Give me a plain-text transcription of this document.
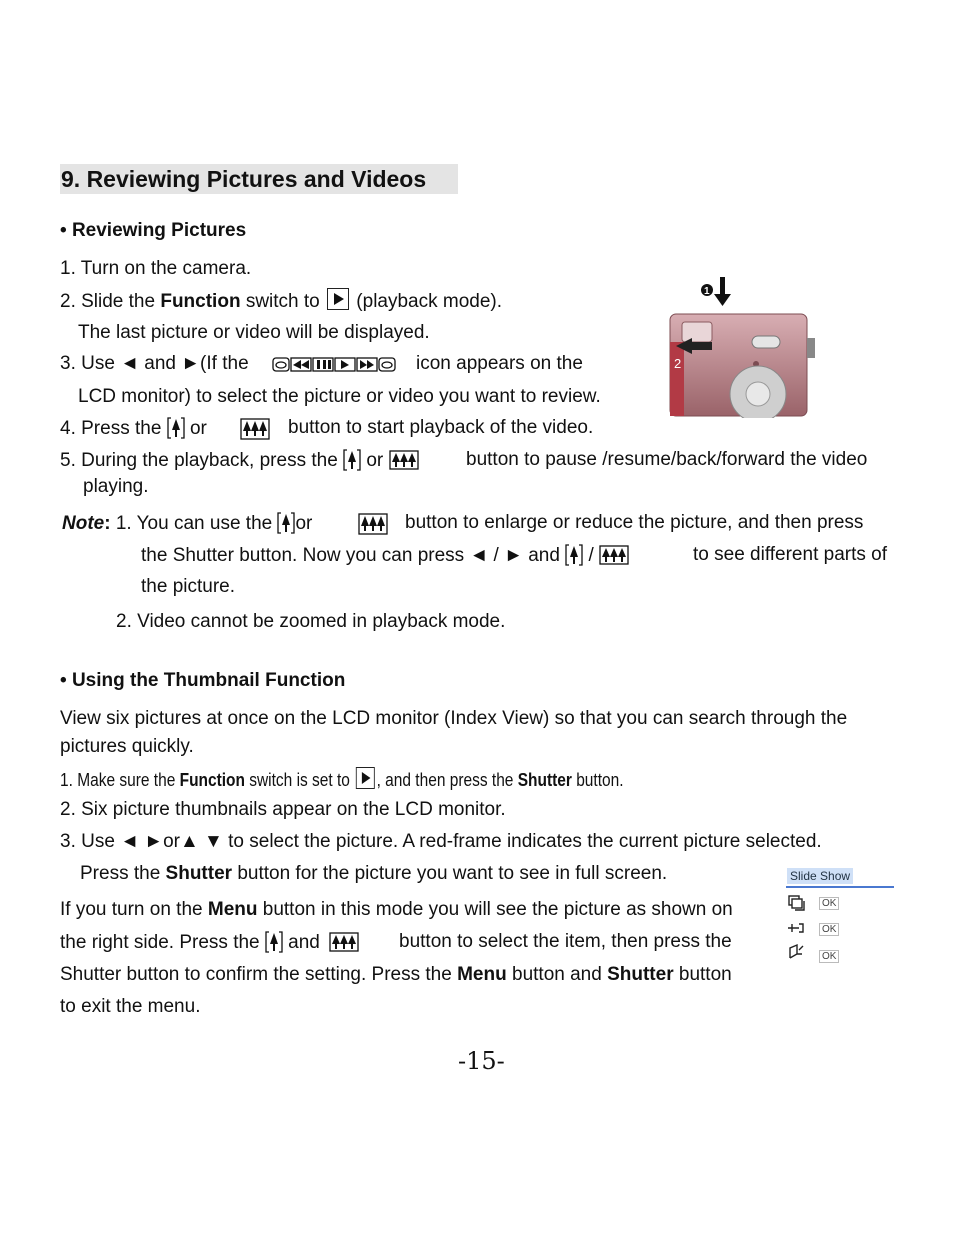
9. Reviewing Pictures and Videos
• Reviewing Pictures
1. Turn on the camera.
2. Slide the Function switch to  (playback mode).
The last picture or video will be displayed.
3. Use ◄ and ►(If the	icon appears on the
LCD monitor) to select the picture or video you want to review.
4. Press the or	button to start playback of the video.
5. During the playback, press the or	button to pause /resume/back/forward the video
playing.
1
2
Note: 1. You can use the or	button to enlarge or reduce the picture, and then press
the Shutter button. Now you can press ◄ / ► and /	to see different parts of
the picture.
2. Video cannot be zoomed in playback mode.
• Using the Thumbnail Function
View six pictures at once on the LCD monitor (Index View) so that you can search through the
pictures quickly.
1. Make sure the Function switch is set to , and then press the Shutter button.
2. Six picture thumbnails appear on the LCD monitor.
3. Use ◄ ►or▲ ▼ to select the picture. A red-frame indicates the current picture selected.
Press the Shutter button for the picture you want to see in full screen.
If you turn on the Menu button in this mode you will see the picture as shown on
the right side. Press the and	button to select the item, then press the
Shutter button to confirm the setting. Press the Menu button and Shutter button
to exit the menu.
Slide Show
OK
OK
OK
-15-
